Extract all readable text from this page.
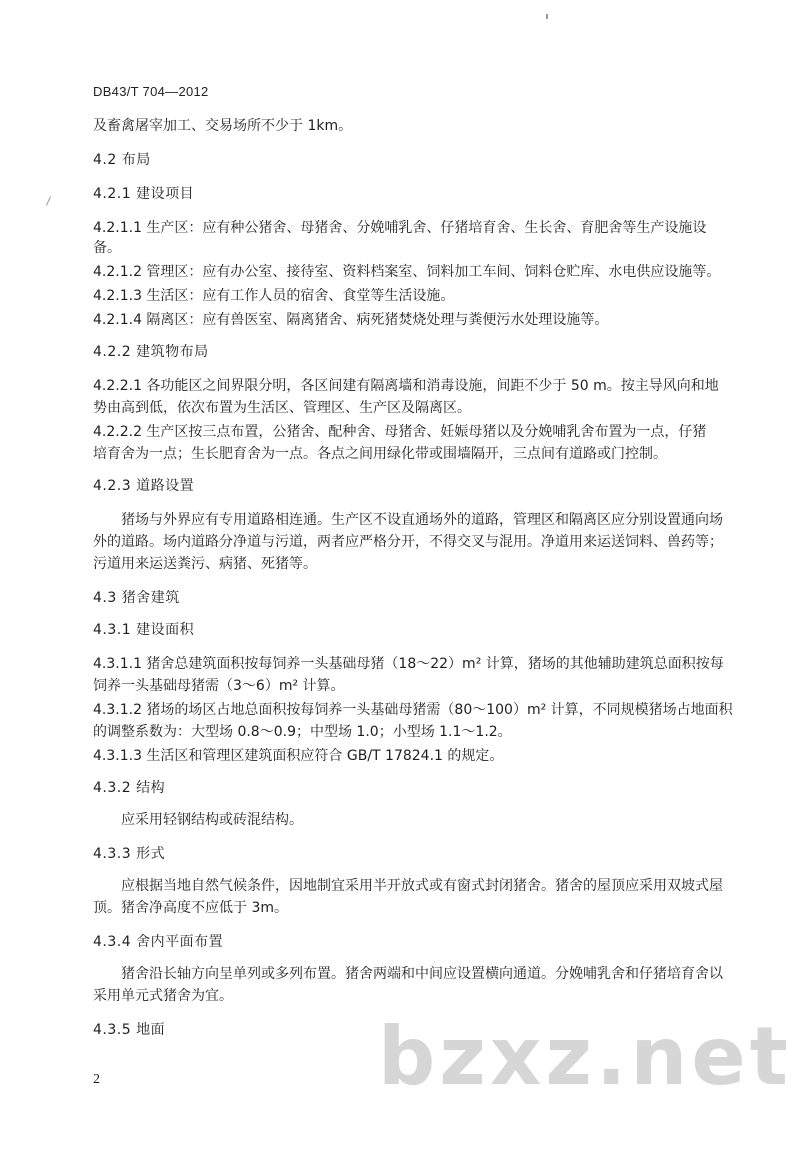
DB43/T 704—2012
及畜禽屠宰加工、交易场所不少于 1km。
4.2 布局
4.2.1 建设项目
4.2.1.1 生产区：应有种公猪舍、母猪舍、分娩哺乳舍、仔猪培育舍、生长舍、育肥舍等生产设施设
备。
4.2.1.2 管理区：应有办公室、接待室、资料档案室、饲料加工车间、饲料仓贮库、水电供应设施等。
4.2.1.3 生活区：应有工作人员的宿舍、食堂等生活设施。
4.2.1.4 隔离区：应有兽医室、隔离猪舍、病死猪焚烧处理与粪便污水处理设施等。
4.2.2 建筑物布局
4.2.2.1 各功能区之间界限分明，各区间建有隔离墙和消毒设施，间距不少于 50 m。按主导风向和地
势由高到低，依次布置为生活区、管理区、生产区及隔离区。
4.2.2.2 生产区按三点布置，公猪舍、配种舍、母猪舍、妊娠母猪以及分娩哺乳舍布置为一点，仔猪
培育舍为一点；生长肥育舍为一点。各点之间用绿化带或围墙隔开，三点间有道路或门控制。
4.2.3 道路设置
猪场与外界应有专用道路相连通。生产区不设直通场外的道路，管理区和隔离区应分别设置通向场
外的道路。场内道路分净道与污道，两者应严格分开，不得交叉与混用。净道用来运送饲料、兽药等；
污道用来运送粪污、病猪、死猪等。
4.3 猪舍建筑
4.3.1 建设面积
4.3.1.1 猪舍总建筑面积按每饲养一头基础母猪（18～22）m² 计算，猪场的其他辅助建筑总面积按每
饲养一头基础母猪需（3～6）m² 计算。
4.3.1.2 猪场的场区占地总面积按每饲养一头基础母猪需（80～100）m² 计算，不同规模猪场占地面积
的调整系数为：大型场 0.8～0.9；中型场 1.0；小型场 1.1～1.2。
4.3.1.3 生活区和管理区建筑面积应符合 GB/T 17824.1 的规定。
4.3.2 结构
应采用轻钢结构或砖混结构。
4.3.3 形式
应根据当地自然气候条件，因地制宜采用半开放式或有窗式封闭猪舍。猪舍的屋顶应采用双坡式屋
顶。猪舍净高度不应低于 3m。
4.3.4 舍内平面布置
猪舍沿长轴方向呈单列或多列布置。猪舍两端和中间应设置横向通道。分娩哺乳舍和仔猪培育舍以
采用单元式猪舍为宜。
4.3.5 地面	bzxz.net
2
